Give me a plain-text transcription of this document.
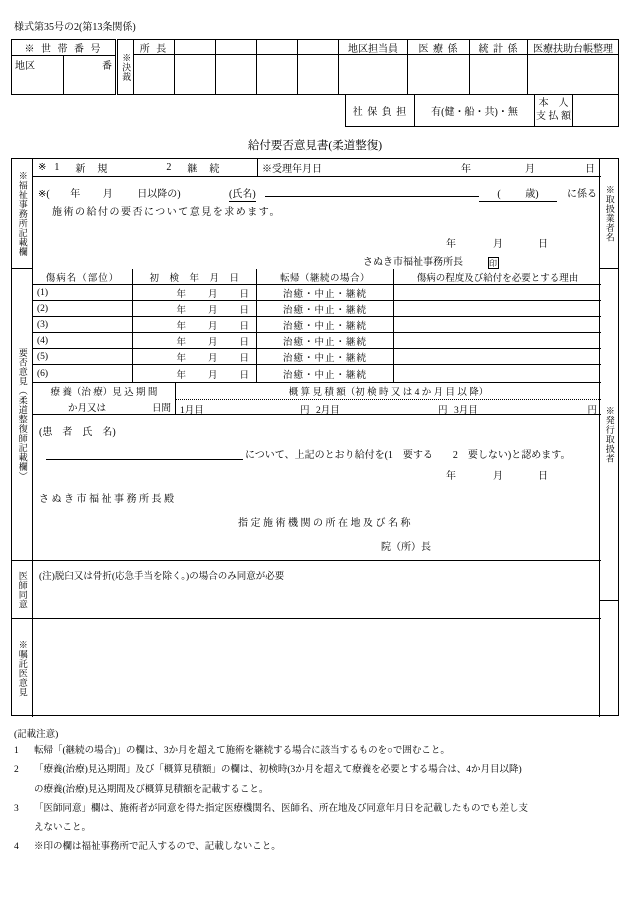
様式第35号の2(第13条関係)
※ 世 帯 番 号
地区	番	※決裁
所 長	地区担当員	医 療 係	統 計 係	医療扶助台帳整理
社 保 負 担	有(健・船・共)・無
本　人
支 払 額
給付要否意見書(柔道整復)
※福祉事務所記載欄
要否意見（柔道整復師記載欄）
医師同意
※嘱託医意見
※取扱業者名
※発行取扱者
※ 1 新　規	2 継　続	※受理年月日	年	月	日
※( 年 月 日以降の)	(氏名)	( 歳)	に係る
施術の給付の要否について意見を求めます。
年	月	日
さぬき市福祉事務所長	印
傷病名（部位）	初　検　年　月　日	転帰（継続の場合）	傷病の程度及び給付を必要とする理由
(1)	年　　月　　日	治癒・中止・継続
(2)	年　　月　　日	治癒・中止・継続
(3)	年　　月　　日	治癒・中止・継続
(4)	年　　月　　日	治癒・中止・継続
(5)	年　　月　　日	治癒・中止・継続
(6)	年　　月　　日	治癒・中止・継続
療 養（治 療）見 込 期 間
か月又は	日間
概 算 見 積 額（初 検 時 又 は 4 か 月 目 以 降）
1月目	円 2月目	円 3月目	円
(患　者　氏　名)
について、上記のとおり給付を(1　要する　　2　要しない)と認めます。
年	月	日
さ ぬ き 市 福 祉 事 務 所 長 殿
指 定 施 術 機 関 の 所 在 地 及 び 名 称
院（所）長
(注)脱臼又は骨折(応急手当を除く。)の場合のみ同意が必要
(記載注意)
1	転帰「(継続の場合)」の欄は、3か月を超えて施術を継続する場合に該当するものを○で囲むこと。
2	「療養(治療)見込期間」及び「概算見積額」の欄は、初検時(3か月を超えて療養を必要とする場合は、4か月目以降)
の療養(治療)見込期間及び概算見積額を記載すること。
3	「医師同意」欄は、施術者が同意を得た指定医療機関名、医師名、所在地及び同意年月日を記載したものでも差し支
えないこと。
4	※印の欄は福祉事務所で記入するので、記載しないこと。
